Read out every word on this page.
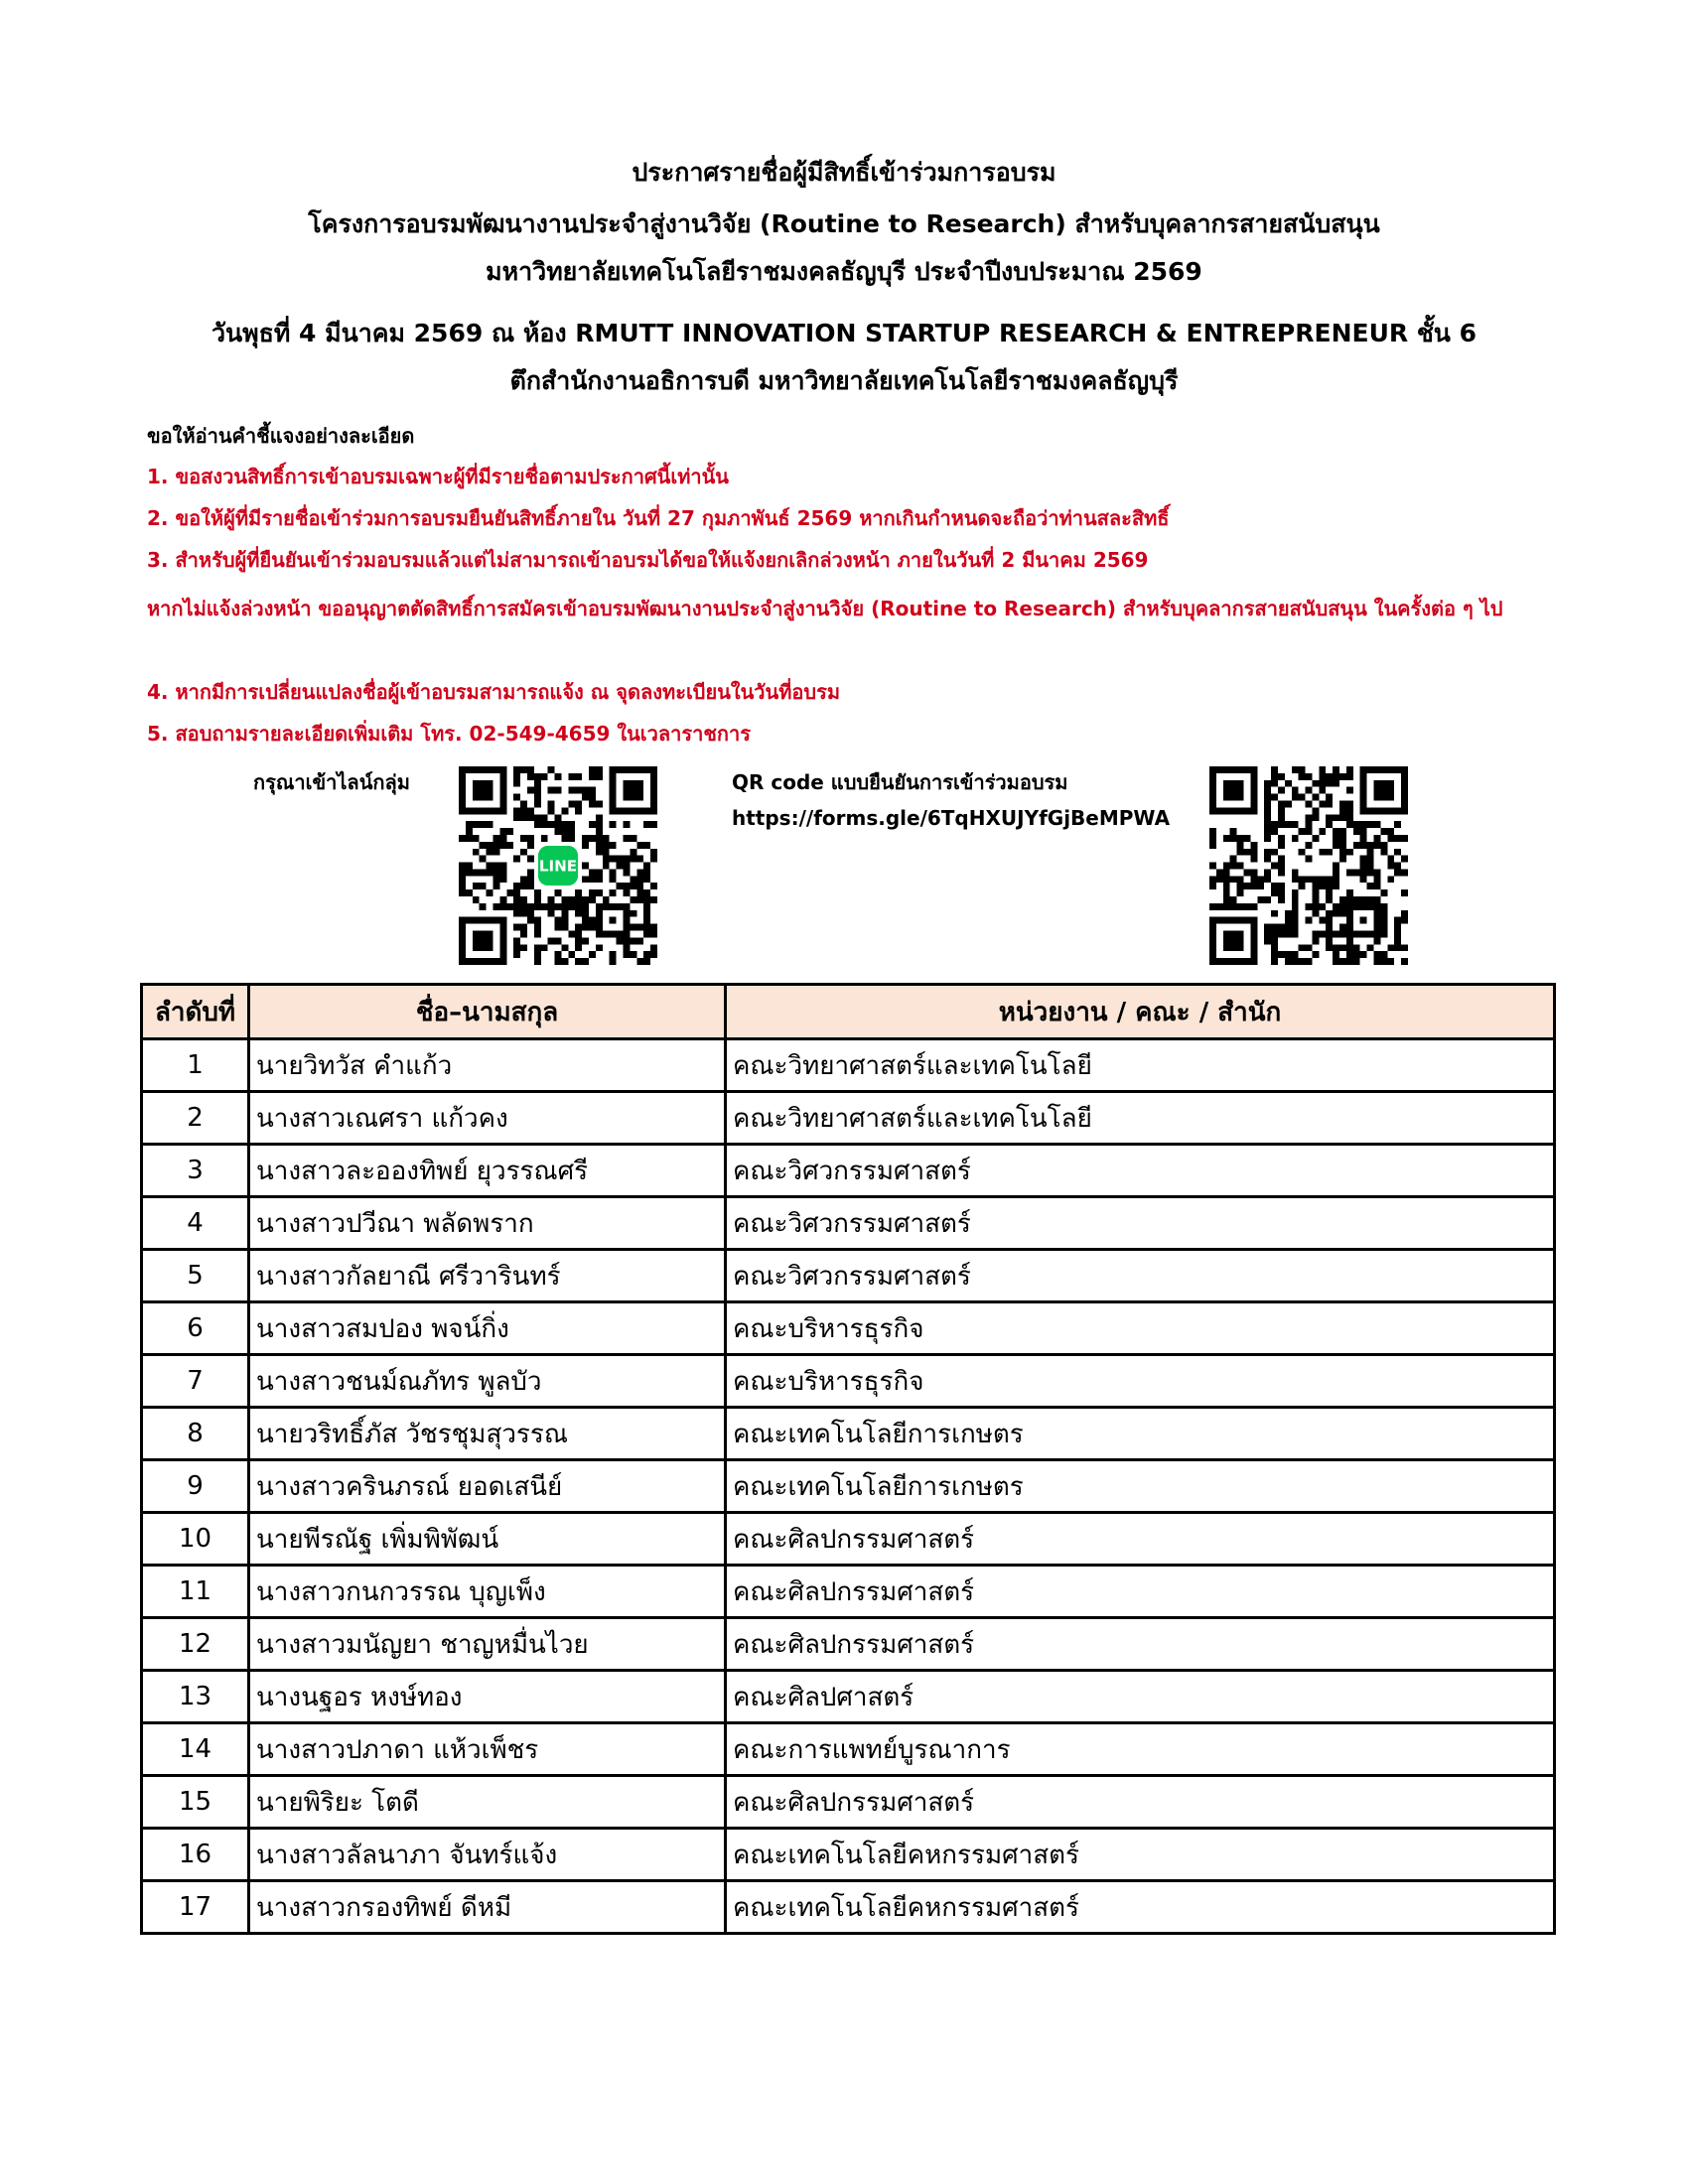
ประกาศรายชื่อผู้มีสิทธิ์เข้าร่วมการอบรม
โครงการอบรมพัฒนางานประจำสู่งานวิจัย (Routine to Research) สำหรับบุคลากรสายสนับสนุน
มหาวิทยาลัยเทคโนโลยีราชมงคลธัญบุรี ประจำปีงบประมาณ 2569
วันพุธที่ 4 มีนาคม 2569 ณ ห้อง RMUTT INNOVATION STARTUP RESEARCH & ENTREPRENEUR ชั้น 6
ตึกสำนักงานอธิการบดี มหาวิทยาลัยเทคโนโลยีราชมงคลธัญบุรี
ขอให้อ่านคำชี้แจงอย่างละเอียด
1. ขอสงวนสิทธิ์การเข้าอบรมเฉพาะผู้ที่มีรายชื่อตามประกาศนี้เท่านั้น
2. ขอให้ผู้ที่มีรายชื่อเข้าร่วมการอบรมยืนยันสิทธิ์ภายใน วันที่ 27 กุมภาพันธ์ 2569 หากเกินกำหนดจะถือว่าท่านสละสิทธิ์
3. สำหรับผู้ที่ยืนยันเข้าร่วมอบรมแล้วแต่ไม่สามารถเข้าอบรมได้ขอให้แจ้งยกเลิกล่วงหน้า ภายในวันที่ 2 มีนาคม 2569
หากไม่แจ้งล่วงหน้า ขออนุญาตตัดสิทธิ์การสมัครเข้าอบรมพัฒนางานประจำสู่งานวิจัย (Routine to Research) สำหรับบุคลากรสายสนับสนุน ในครั้งต่อ ๆ ไป
4. หากมีการเปลี่ยนแปลงชื่อผู้เข้าอบรมสามารถแจ้ง ณ จุดลงทะเบียนในวันที่อบรม
5. สอบถามรายละเอียดเพิ่มเติม โทร. 02-549-4659 ในเวลาราชการ
กรุณาเข้าไลน์กลุ่ม	QR code แบบยืนยันการเข้าร่วมอบรม
https://forms.gle/6TqHXUJYfGjBeMPWA
LINE
ลำดับที่	ชื่อ–นามสกุล	หน่วยงาน / คณะ / สำนัก
1	นายวิทวัส คำแก้ว	คณะวิทยาศาสตร์และเทคโนโลยี
2	นางสาวเณศรา แก้วคง	คณะวิทยาศาสตร์และเทคโนโลยี
3	นางสาวละอองทิพย์ ยุวรรณศรี	คณะวิศวกรรมศาสตร์
4	นางสาวปวีณา พลัดพราก	คณะวิศวกรรมศาสตร์
5	นางสาวกัลยาณี ศรีวารินทร์	คณะวิศวกรรมศาสตร์
6	นางสาวสมปอง พจน์กิ่ง	คณะบริหารธุรกิจ
7	นางสาวชนม์ณภัทร พูลบัว	คณะบริหารธุรกิจ
8	นายวริทธิ์ภัส วัชรชุมสุวรรณ	คณะเทคโนโลยีการเกษตร
9	นางสาวครินภรณ์ ยอดเสนีย์	คณะเทคโนโลยีการเกษตร
10	นายพีรณัฐ เพิ่มพิพัฒน์	คณะศิลปกรรมศาสตร์
11	นางสาวกนกวรรณ บุญเพ็ง	คณะศิลปกรรมศาสตร์
12	นางสาวมนัญยา ชาญหมื่นไวย	คณะศิลปกรรมศาสตร์
13	นางนฐอร หงษ์ทอง	คณะศิลปศาสตร์
14	นางสาวปภาดา แห้วเพ็ชร	คณะการแพทย์บูรณาการ
15	นายพิริยะ โตดี	คณะศิลปกรรมศาสตร์
16	นางสาวลัลนาภา จันทร์แจ้ง	คณะเทคโนโลยีคหกรรมศาสตร์
17	นางสาวกรองทิพย์ ดีหมี	คณะเทคโนโลยีคหกรรมศาสตร์
